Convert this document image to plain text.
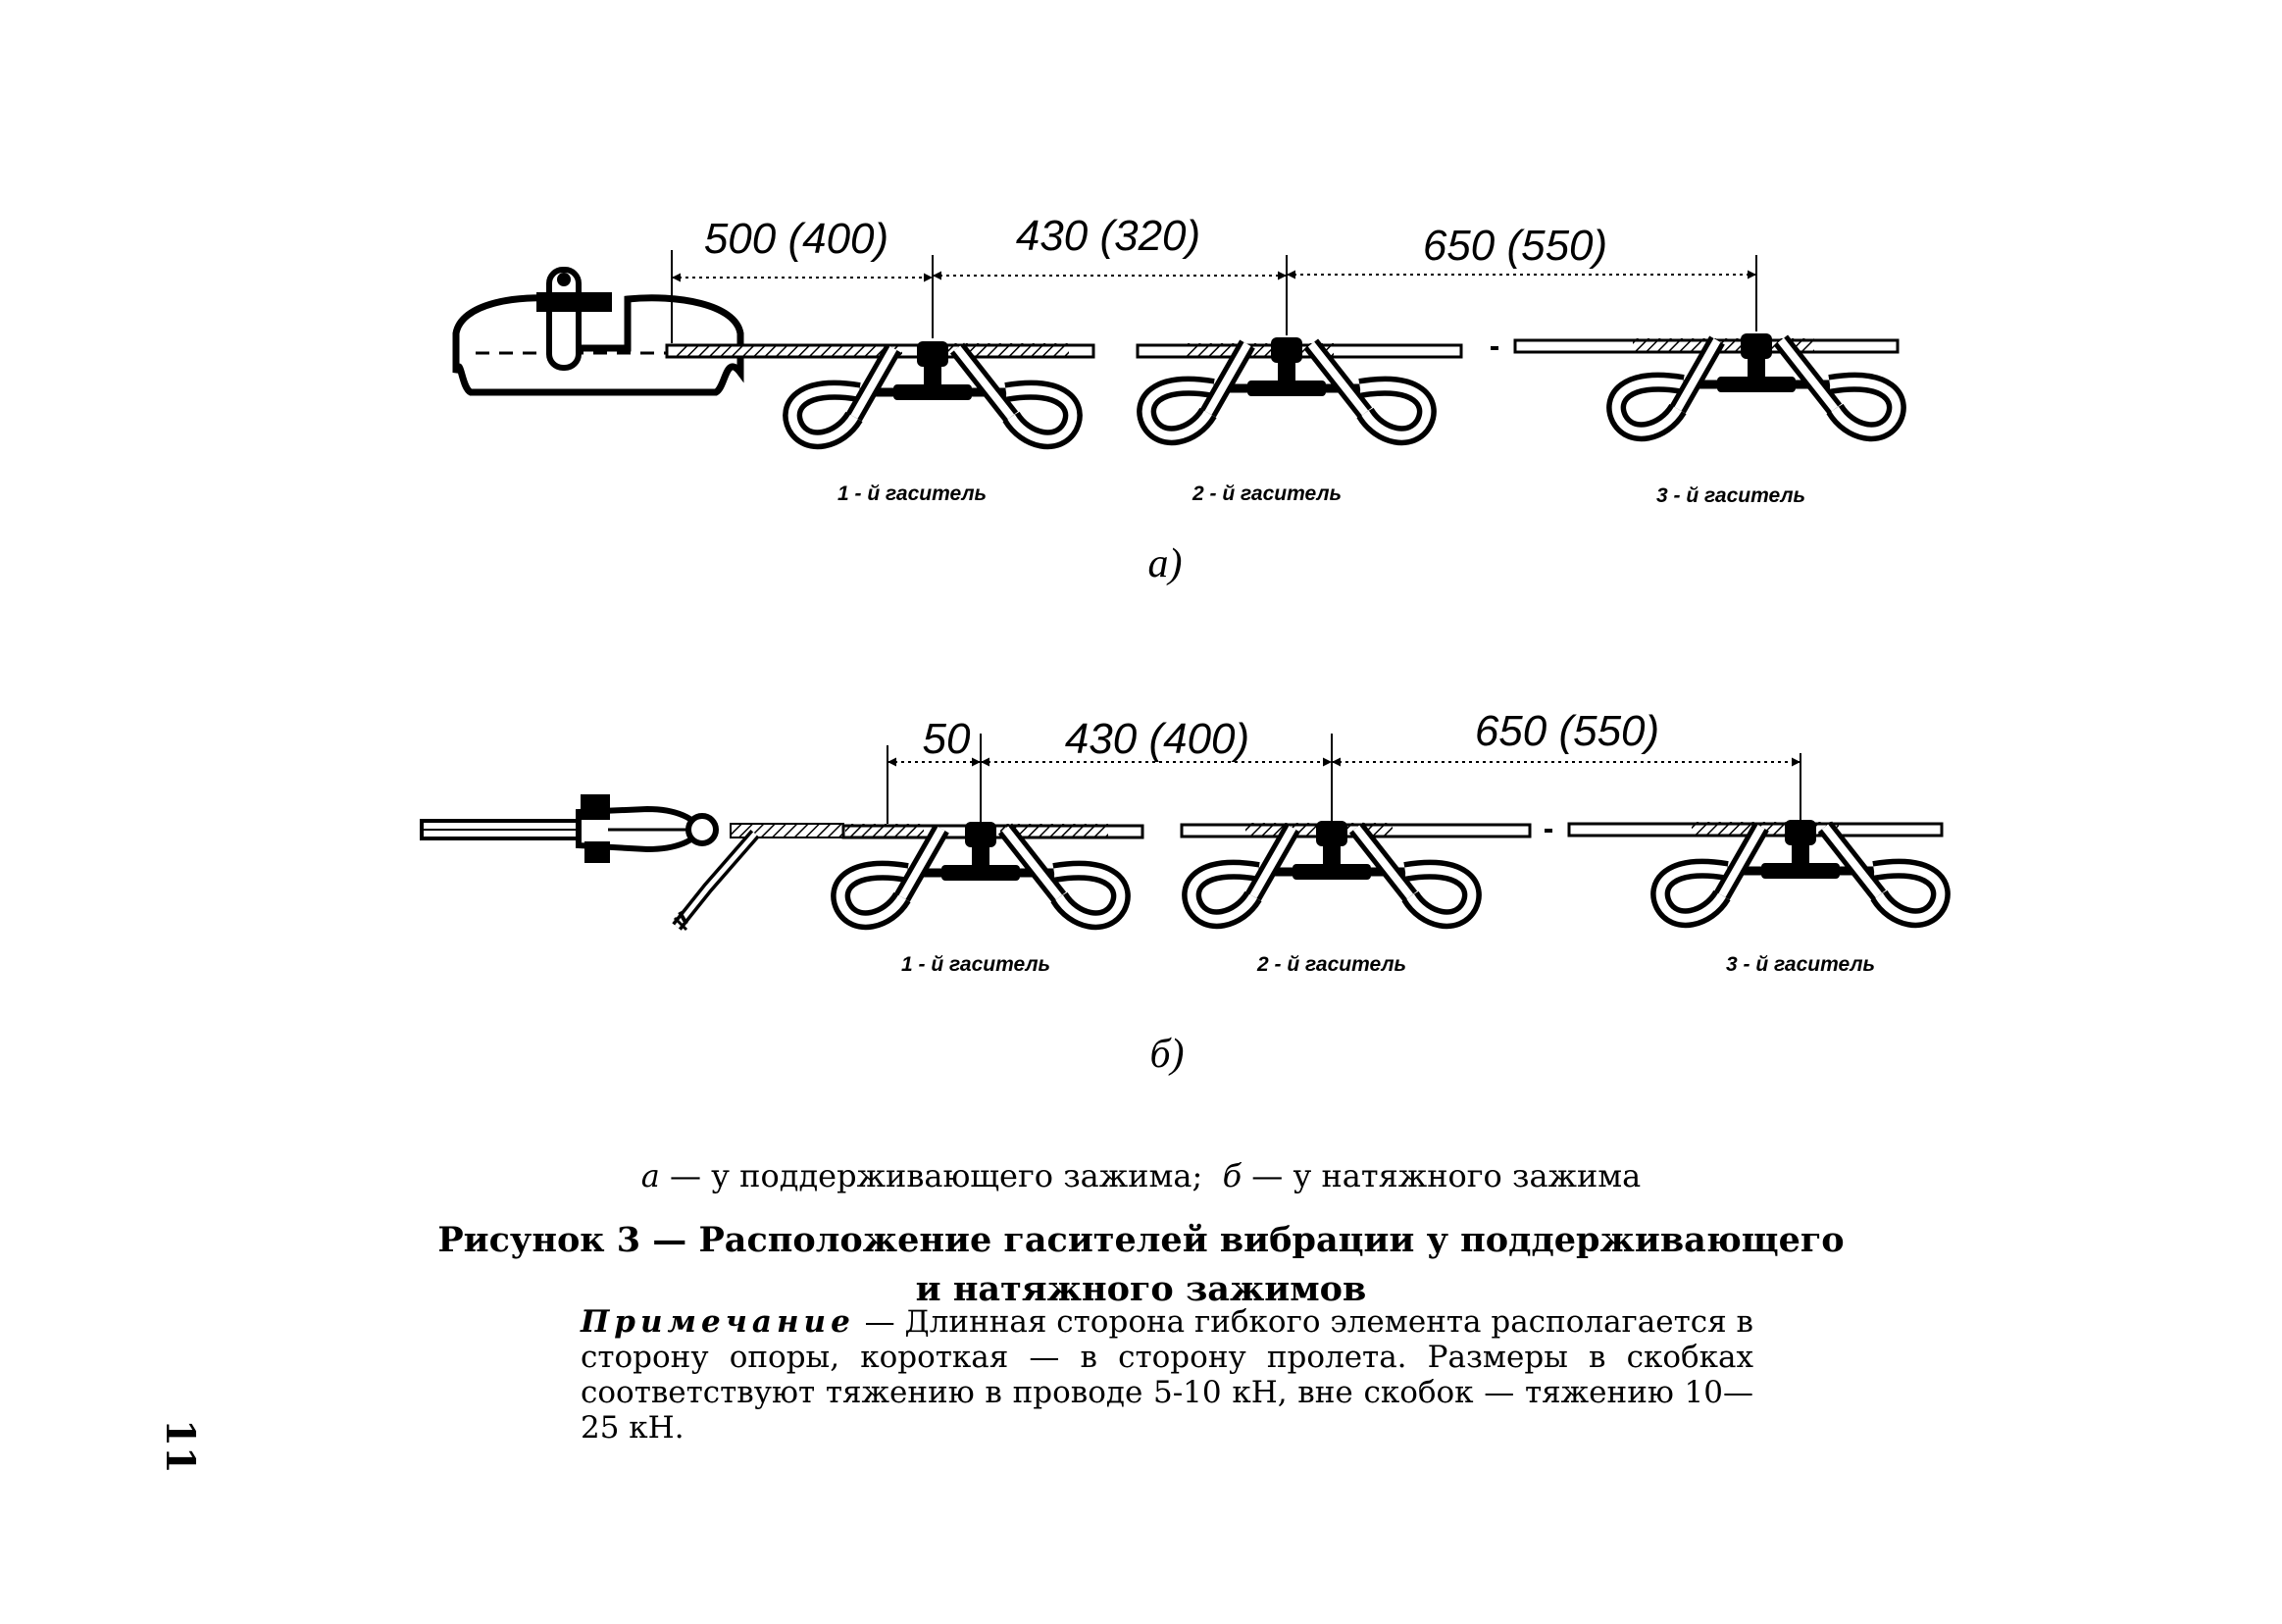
500 (400)	430 (320)	650 (550)
1 - й гаситель	2 - й гаситель	3 - й гаситель
а)
50 430 (400)	650 (550)
1 - й гаситель	2 - й гаситель	3 - й гаситель
б)
а — у поддерживающего зажима; б — у натяжного зажима
Рисунок 3 — Расположение гасителей вибрации у поддерживающего
и натяжного зажимов
Примечание — Длинная сторона гибкого элемента располагается в сторону опоры, короткая — в сторону пролета. Размеры в скобках соответствуют тяжению в проводе 5-10 кН, вне скобок — тяжению 10—25 кН.
11
